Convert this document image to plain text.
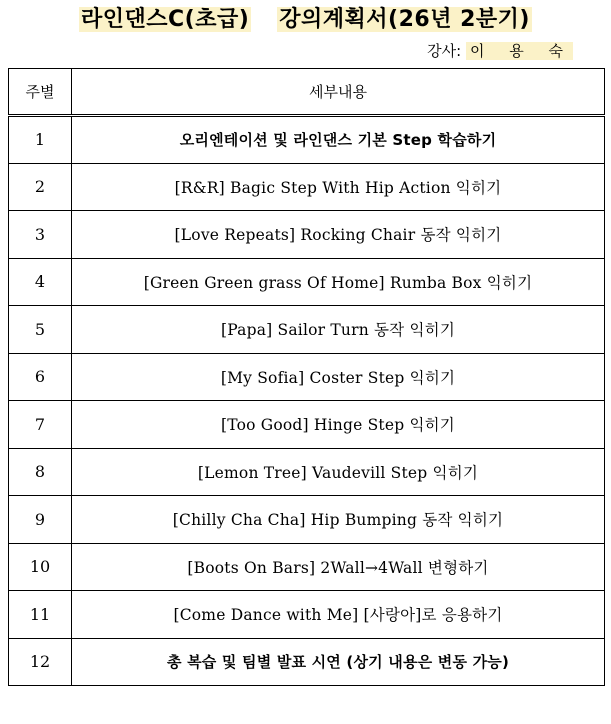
라인댄스C(초급) 강의계획서(26년 2분기)
강사: 이 용 숙
주별	세부내용
1	오리엔테이션 및 라인댄스 기본 Step 학습하기
2	[R&R] Bagic Step With Hip Action 익히기
3	[Love Repeats] Rocking Chair 동작 익히기
4	[Green Green grass Of Home] Rumba Box 익히기
5	[Papa] Sailor Turn 동작 익히기
6	[My Sofia] Coster Step 익히기
7	[Too Good] Hinge Step 익히기
8	[Lemon Tree] Vaudevill Step 익히기
9	[Chilly Cha Cha] Hip Bumping 동작 익히기
10	[Boots On Bars] 2Wall→4Wall 변형하기
11	[Come Dance with Me] [사랑아]로 응용하기
12	총 복습 및 팀별 발표 시연 (상기 내용은 변동 가능)
